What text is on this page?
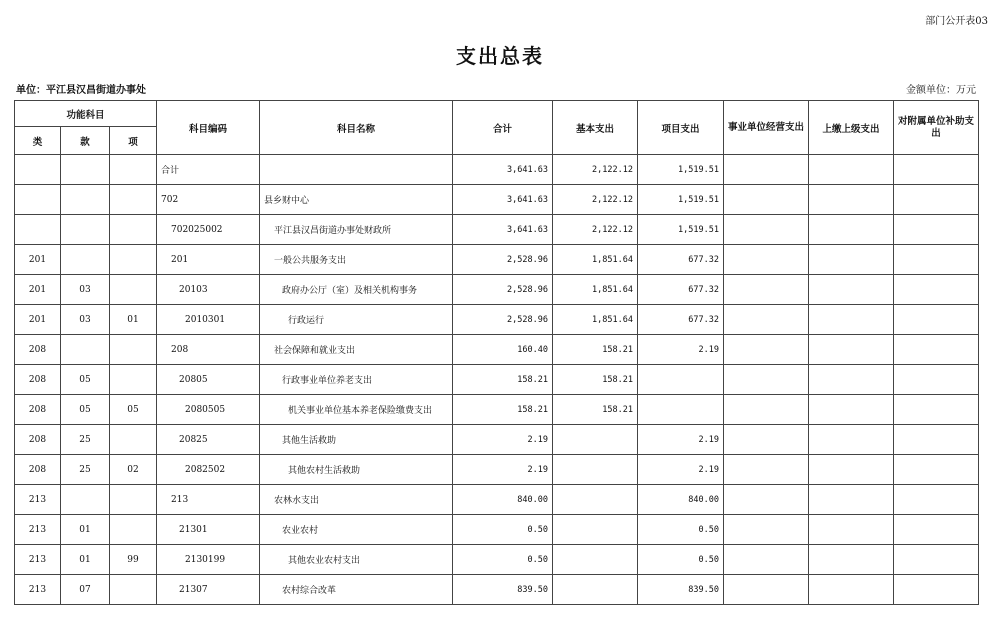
部门公开表03
支出总表
单位：平江县汉昌街道办事处	金额单位：万元
功能科目			科目编码	科目名称	合计	基本支出	项目支出	事业单位经营支出	上缴上级支出	对附属单位补助支出
类	款	项								
			合计		3,641.63	2,122.12	1,519.51			
			702	县乡财中心	3,641.63	2,122.12	1,519.51			
			702025002	平江县汉昌街道办事处财政所	3,641.63	2,122.12	1,519.51			
201			201	一般公共服务支出	2,528.96	1,851.64	677.32			
201	03		20103	政府办公厅（室）及相关机构事务	2,528.96	1,851.64	677.32			
201	03	01	2010301	行政运行	2,528.96	1,851.64	677.32			
208			208	社会保障和就业支出	160.40	158.21	2.19			
208	05		20805	行政事业单位养老支出	158.21	158.21				
208	05	05	2080505	机关事业单位基本养老保险缴费支出	158.21	158.21				
208	25		20825	其他生活救助	2.19		2.19			
208	25	02	2082502	其他农村生活救助	2.19		2.19			
213			213	农林水支出	840.00		840.00			
213	01		21301	农业农村	0.50		0.50			
213	01	99	2130199	其他农业农村支出	0.50		0.50			
213	07		21307	农村综合改革	839.50		839.50			
